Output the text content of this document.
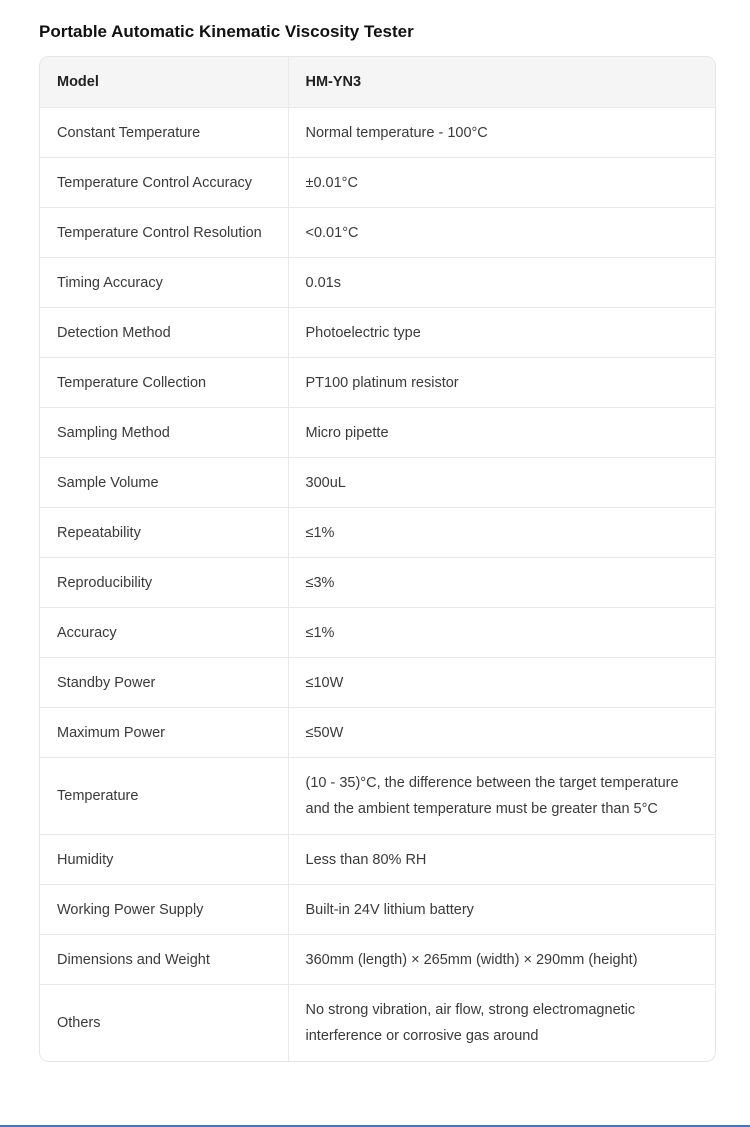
Portable Automatic Kinematic Viscosity Tester
Model	HM-YN3
Constant Temperature	Normal temperature - 100°C
Temperature Control Accuracy	±0.01°C
Temperature Control Resolution	<0.01°C
Timing Accuracy	0.01s
Detection Method	Photoelectric type
Temperature Collection	PT100 platinum resistor
Sampling Method	Micro pipette
Sample Volume	300uL
Repeatability	≤1%
Reproducibility	≤3%
Accuracy	≤1%
Standby Power	≤10W
Maximum Power	≤50W
Temperature	(10 - 35)°C, the difference between the target temperature and the ambient temperature must be greater than 5°C
Humidity	Less than 80% RH
Working Power Supply	Built-in 24V lithium battery
Dimensions and Weight	360mm (length) × 265mm (width) × 290mm (height)
Others	No strong vibration, air flow, strong electromagnetic interference or corrosive gas around
